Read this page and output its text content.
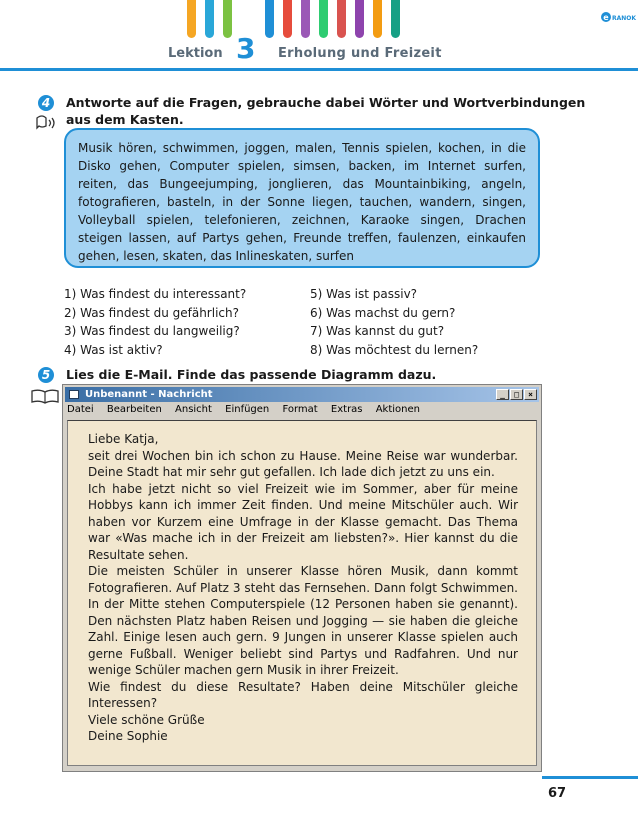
e RANOK
Lektion 3 Erholung und Freizeit
4	Antworte auf die Fragen, gebrauche dabei Wörter und Wortverbindungen
aus dem Kasten.
Musik hören, schwimmen, joggen, malen, Tennis spielen, kochen, in die Disko gehen, Computer spielen, simsen, backen, im Internet surfen, reiten, das Bungeejumping, jonglieren, das Mountainbiking, angeln, fotografieren, basteln, in der Sonne liegen, tauchen, wandern, singen, Volleyball spielen, telefonieren, zeichnen, Karaoke singen, Drachen steigen lassen, auf Partys gehen, Freunde treffen, faulenzen, einkaufen gehen, lesen, skaten, das Inlineskaten, surfen
1) Was findest du interessant?
2) Was findest du gefährlich?
3) Was findest du langweilig?
4) Was ist aktiv?
5) Was ist passiv?
6) Was machst du gern?
7) Was kannst du gut?
8) Was möchtest du lernen?
5	Lies die E-Mail. Finde das passende Diagramm dazu.
Unbenannt - Nachricht	_	□	×
Datei Bearbeiten Ansicht Einfügen Format Extras Aktionen

Liebe Katja,

seit drei Wochen bin ich schon zu Hause. Meine Reise war wunderbar. Deine Stadt hat mir sehr gut gefallen. Ich lade dich jetzt zu uns ein.

Ich habe jetzt nicht so viel Freizeit wie im Sommer, aber für meine Hobbys kann ich immer Zeit finden. Und meine Mitschüler auch. Wir haben vor Kurzem eine Umfrage in der Klasse gemacht. Das Thema war «Was mache ich in der Freizeit am liebsten?». Hier kannst du die Resultate sehen.

Die meisten Schüler in unserer Klasse hören Musik, dann kommt Fotografieren. Auf Platz 3 steht das Fernsehen. Dann folgt Schwimmen. In der Mitte stehen Computerspiele (12 Personen haben sie genannt). Den nächsten Platz haben Reisen und Jogging — sie haben die gleiche Zahl. Einige lesen auch gern. 9 Jungen in unserer Klasse spielen auch gerne Fußball. Weniger beliebt sind Partys und Radfahren. Und nur wenige Schüler machen gern Musik in ihrer Freizeit.

Wie findest du diese Resultate? Haben deine Mitschüler gleiche Interessen?

Viele schöne Grüße

Deine Sophie

67
